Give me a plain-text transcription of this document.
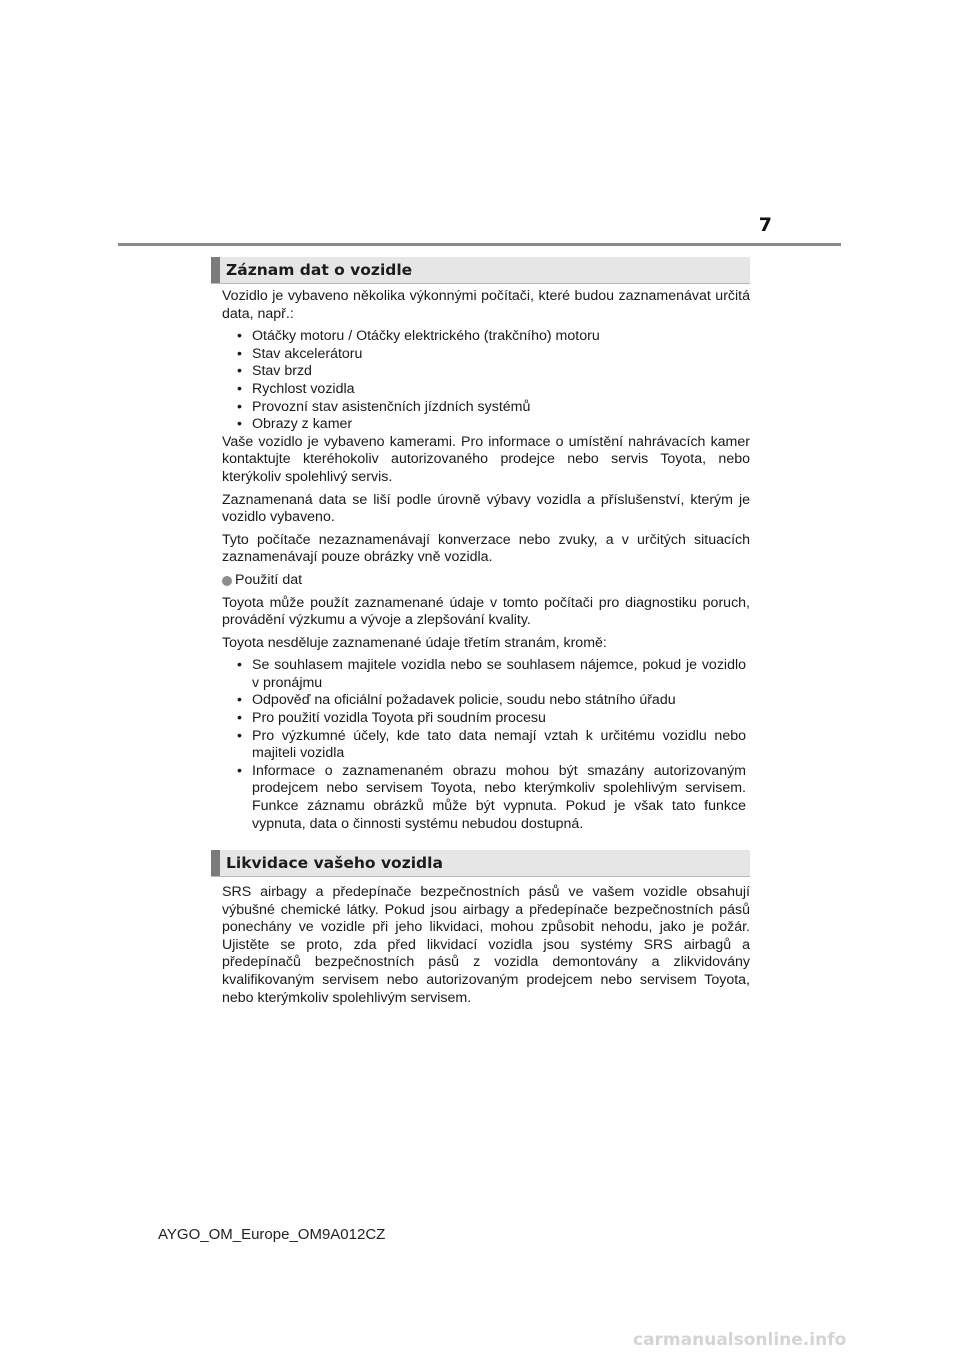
7
Záznam dat o vozidle

Vozidlo je vybaveno několika výkonnými počítači, které budou zaznamenávat určitá data, např.:

• Otáčky motoru / Otáčky elektrického (trakčního) motoru
• Stav akcelerátoru
• Stav brzd
• Rychlost vozidla
• Provozní stav asistenčních jízdních systémů
• Obrazy z kamer

Vaše vozidlo je vybaveno kamerami. Pro informace o umístění nahrávacích kamer kontaktujte kteréhokoliv autorizovaného prodejce nebo servis Toyota, nebo kterýkoliv spolehlivý servis.

Zaznamenaná data se liší podle úrovně výbavy vozidla a příslušenství, kterým je vozidlo vybaveno.

Tyto počítače nezaznamenávají konverzace nebo zvuky, a v určitých situacích zaznamenávají pouze obrázky vně vozidla.

Použití dat

Toyota může použít zaznamenané údaje v tomto počítači pro diagnostiku poruch, provádění výzkumu a vývoje a zlepšování kvality.

Toyota nesděluje zaznamenané údaje třetím stranám, kromě:

• Se souhlasem majitele vozidla nebo se souhlasem nájemce, pokud je vozidlo v pronájmu
• Odpověď na oficiální požadavek policie, soudu nebo státního úřadu
• Pro použití vozidla Toyota při soudním procesu
• Pro výzkumné účely, kde tato data nemají vztah k určitému vozidlu nebo majiteli vozidla
• Informace o zaznamenaném obrazu mohou být smazány autorizovaným prodejcem nebo servisem Toyota, nebo kterýmkoliv spolehlivým servisem. Funkce záznamu obrázků může být vypnuta. Pokud je však tato funkce vypnuta, data o činnosti systému nebudou dostupná.
Likvidace vašeho vozidla

SRS airbagy a předepínače bezpečnostních pásů ve vašem vozidle obsahují výbušné chemické látky. Pokud jsou airbagy a předepínače bezpečnostních pásů ponechány ve vozidle při jeho likvidaci, mohou způsobit nehodu, jako je požár. Ujistěte se proto, zda před likvidací vozidla jsou systémy SRS airbagů a předepínačů bezpečnostních pásů z vozidla demontovány a zlikvidovány kvalifikovaným servisem nebo autorizovaným prodejcem nebo servisem Toyota, nebo kterýmkoliv spolehlivým servisem.

AYGO_OM_Europe_OM9A012CZ
carmanualsonline.info
